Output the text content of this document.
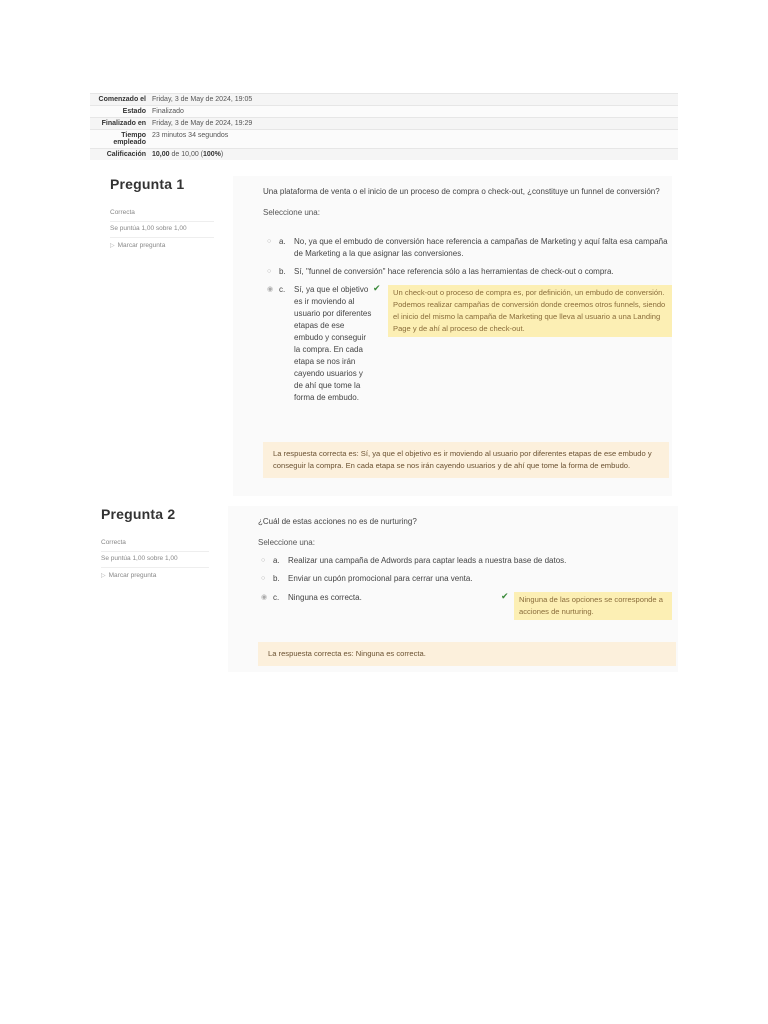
Comenzado el	Friday, 3 de May de 2024, 19:05
Estado	Finalizado
Finalizado en	Friday, 3 de May de 2024, 19:29
Tiempo empleado	23 minutos 34 segundos
Calificación	10,00 de 10,00 (100%)
Pregunta 1
Correcta
Se puntúa 1,00 sobre 1,00
▷ Marcar pregunta
Una plataforma de venta o el inicio de un proceso de compra o check-out, ¿constituye un funnel de conversión?
Seleccione una:
○ a. No, ya que el embudo de conversión hace referencia a campañas de Marketing y aquí falta esa campaña de Marketing a la que asignar las conversiones.
○ b. Sí, "funnel de conversión" hace referencia sólo a las herramientas de check-out o compra.
◉ c. Sí, ya que el objetivo es ir moviendo al usuario por diferentes etapas de ese embudo y conseguir la compra. En cada etapa se nos irán cayendo usuarios y de ahí que tome la forma de embudo.
✔	Un check-out o proceso de compra es, por definición, un embudo de conversión. Podemos realizar campañas de conversión donde creemos otros funnels, siendo el inicio del mismo la campaña de Marketing que lleva al usuario a una Landing Page y de ahí al proceso de check-out.
La respuesta correcta es: Sí, ya que el objetivo es ir moviendo al usuario por diferentes etapas de ese embudo y conseguir la compra. En cada etapa se nos irán cayendo usuarios y de ahí que tome la forma de embudo.
Pregunta 2
Correcta
Se puntúa 1,00 sobre 1,00
▷ Marcar pregunta
¿Cuál de estas acciones no es de nurturing?
Seleccione una:
○ a. Realizar una campaña de Adwords para captar leads a nuestra base de datos.
○ b. Enviar un cupón promocional para cerrar una venta.
◉ c. Ninguna es correcta.	✔	Ninguna de las opciones se corresponde a acciones de nurturing.
La respuesta correcta es: Ninguna es correcta.
